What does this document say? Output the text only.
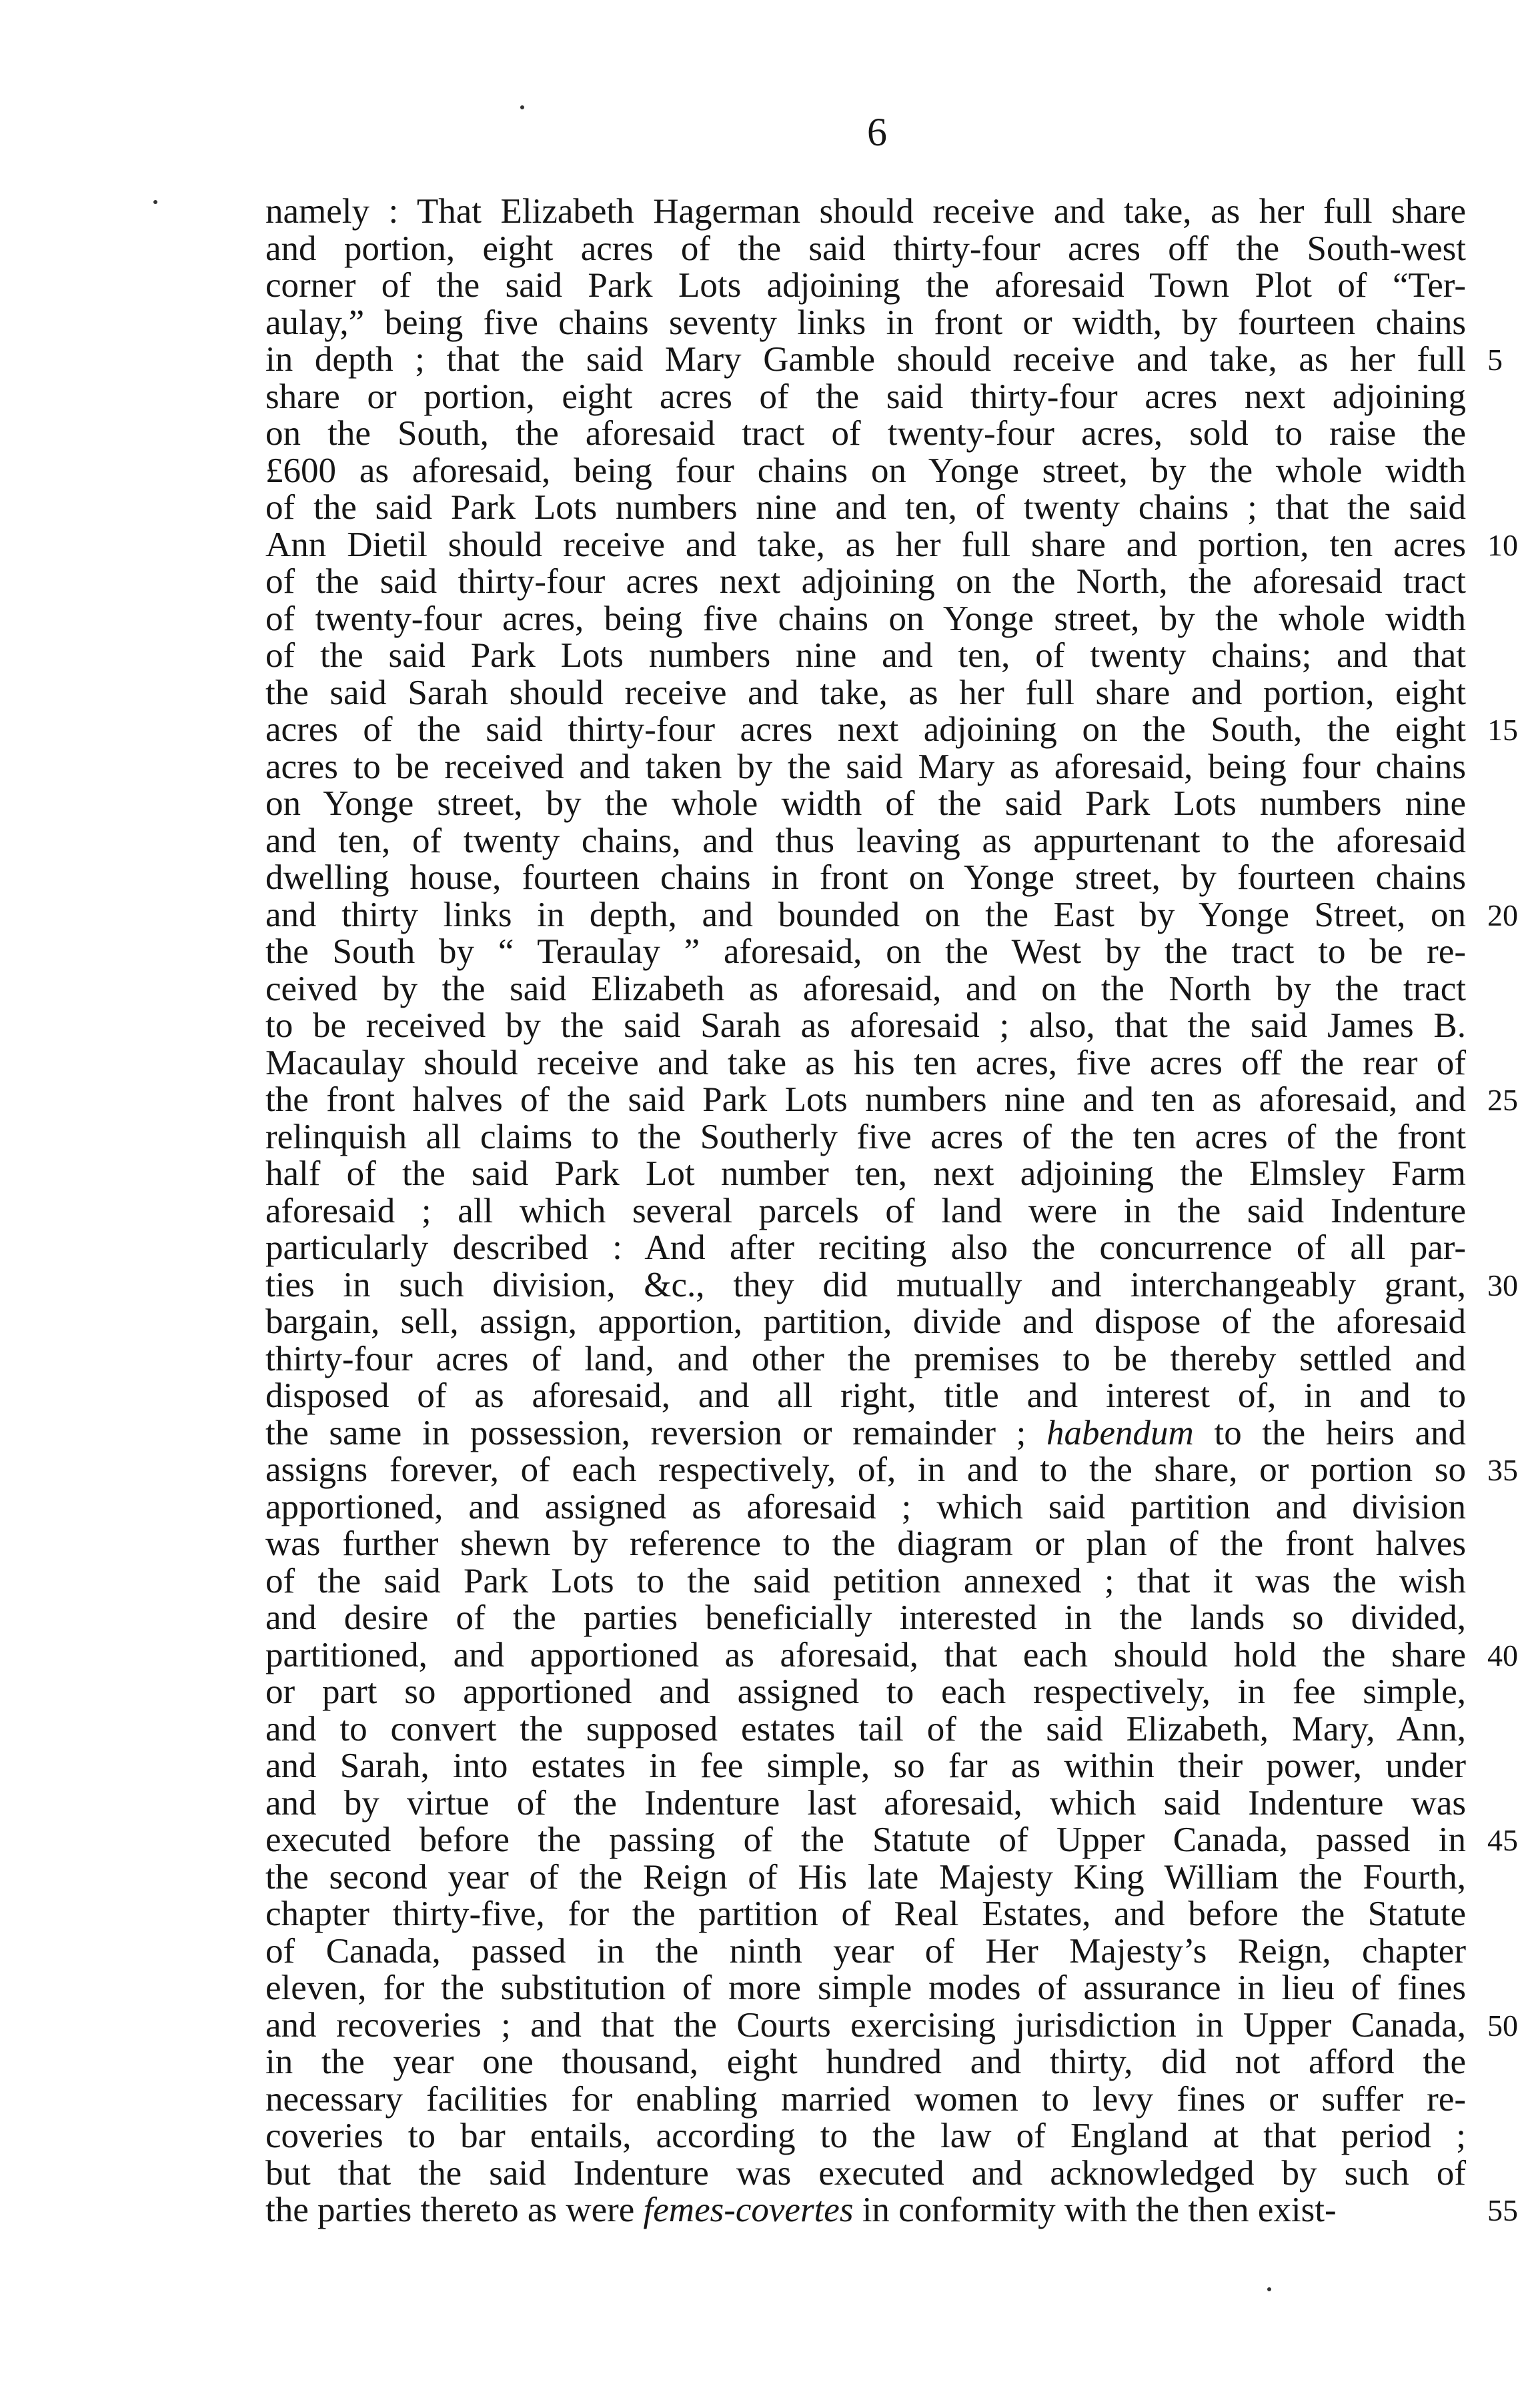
6
namely : That Elizabeth Hagerman should receive and take, as her full share
and portion, eight acres of the said thirty-four acres off the South-west
corner of the said Park Lots adjoining the aforesaid Town Plot of “Ter-
aulay,” being five chains seventy links in front or width, by fourteen chains
in depth ; that the said Mary Gamble should receive and take, as her full 5
share or portion, eight acres of the said thirty-four acres next adjoining
on the South, the aforesaid tract of twenty-four acres, sold to raise the
£600 as aforesaid, being four chains on Yonge street, by the whole width
of the said Park Lots numbers nine and ten, of twenty chains ; that the said
Ann Dietil should receive and take, as her full share and portion, ten acres 10
of the said thirty-four acres next adjoining on the North, the aforesaid tract
of twenty-four acres, being five chains on Yonge street, by the whole width
of the said Park Lots numbers nine and ten, of twenty chains; and that
the said Sarah should receive and take, as her full share and portion, eight
acres of the said thirty-four acres next adjoining on the South, the eight 15
acres to be received and taken by the said Mary as aforesaid, being four chains
on Yonge street, by the whole width of the said Park Lots numbers nine
and ten, of twenty chains, and thus leaving as appurtenant to the aforesaid
dwelling house, fourteen chains in front on Yonge street, by fourteen chains
and thirty links in depth, and bounded on the East by Yonge Street, on 20
the South by “ Teraulay ” aforesaid, on the West by the tract to be re-
ceived by the said Elizabeth as aforesaid, and on the North by the tract
to be received by the said Sarah as aforesaid ; also, that the said James B.
Macaulay should receive and take as his ten acres, five acres off the rear of
the front halves of the said Park Lots numbers nine and ten as aforesaid, and 25
relinquish all claims to the Southerly five acres of the ten acres of the front
half of the said Park Lot number ten, next adjoining the Elmsley Farm
aforesaid ; all which several parcels of land were in the said Indenture
particularly described : And after reciting also the concurrence of all par-
ties in such division, &c., they did mutually and interchangeably grant, 30
bargain, sell, assign, apportion, partition, divide and dispose of the aforesaid
thirty-four acres of land, and other the premises to be thereby settled and
disposed of as aforesaid, and all right, title and interest of, in and to
the same in possession, reversion or remainder ; habendum to the heirs and
assigns forever, of each respectively, of, in and to the share, or portion so 35
apportioned, and assigned as aforesaid ; which said partition and division
was further shewn by reference to the diagram or plan of the front halves
of the said Park Lots to the said petition annexed ; that it was the wish
and desire of the parties beneficially interested in the lands so divided,
partitioned, and apportioned as aforesaid, that each should hold the share 40
or part so apportioned and assigned to each respectively, in fee simple,
and to convert the supposed estates tail of the said Elizabeth, Mary, Ann,
and Sarah, into estates in fee simple, so far as within their power, under
and by virtue of the Indenture last aforesaid, which said Indenture was
executed before the passing of the Statute of Upper Canada, passed in 45
the second year of the Reign of His late Majesty King William the Fourth,
chapter thirty-five, for the partition of Real Estates, and before the Statute
of Canada, passed in the ninth year of Her Majesty’s Reign, chapter
eleven, for the substitution of more simple modes of assurance in lieu of fines
and recoveries ; and that the Courts exercising jurisdiction in Upper Canada, 50
in the year one thousand, eight hundred and thirty, did not afford the
necessary facilities for enabling married women to levy fines or suffer re-
coveries to bar entails, according to the law of England at that period ;
but that the said Indenture was executed and acknowledged by such of
the parties thereto as were femes-covertes in conformity with the then exist-	55
